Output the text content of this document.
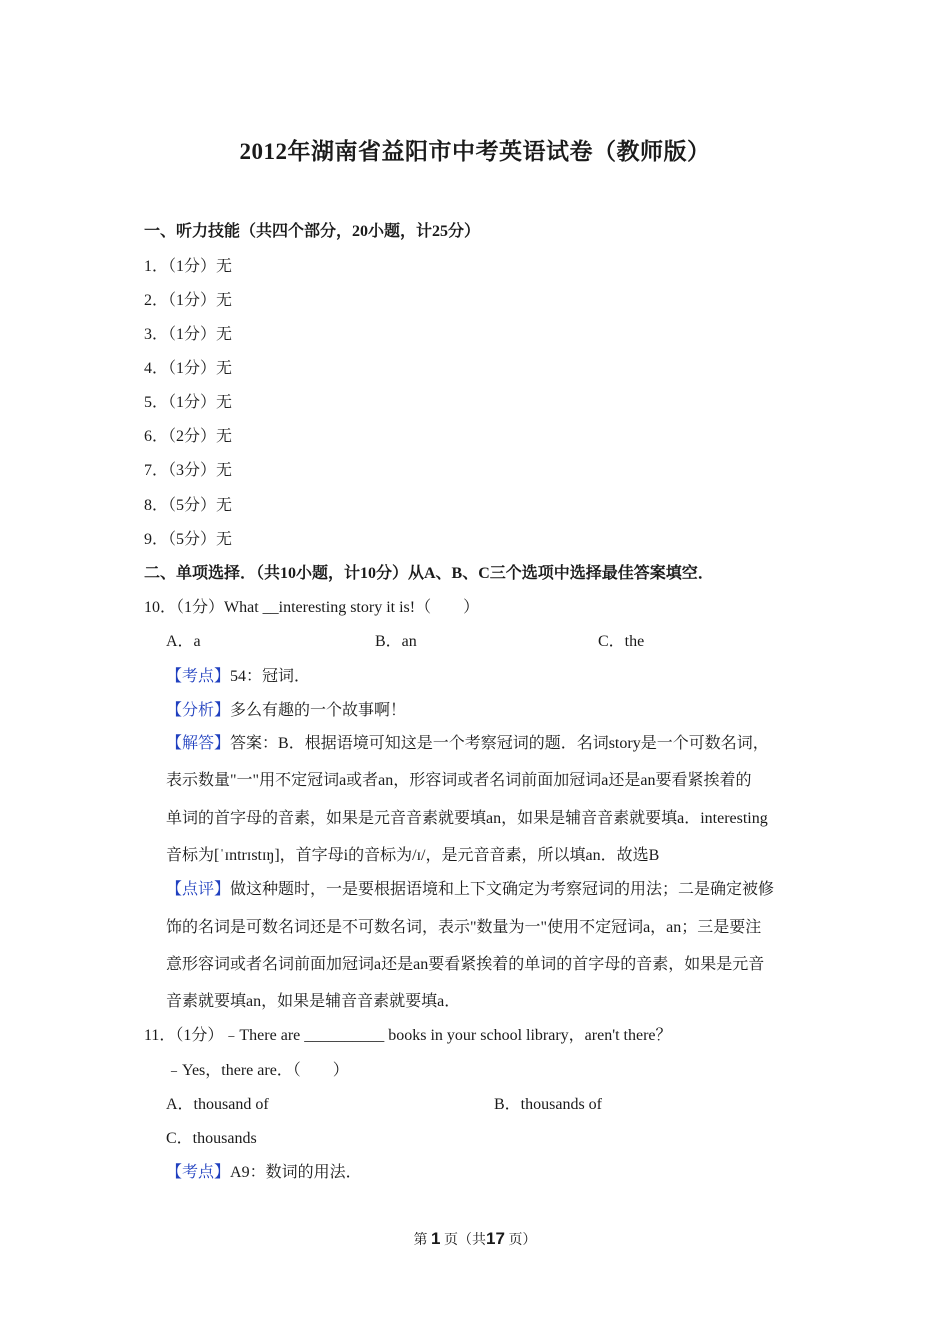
2012年湖南省益阳市中考英语试卷（教师版）
一、听力技能（共四个部分，20小题，计25分）
1．（1分）无
2．（1分）无
3．（1分）无
4．（1分）无
5．（1分）无
6．（2分）无
7．（3分）无
8．（5分）无
9．（5分）无
二、单项选择．（共10小题，计10分）从A、B、C三个选项中选择最佳答案填空．
10．（1分）What __interesting story it is!（　　）
A．a	B．an	C．the
【考点】54：冠词．
【分析】多么有趣的一个故事啊！
【解答】答案：B．根据语境可知这是一个考察冠词的题．名词story是一个可数名词，
表示数量"一"用不定冠词a或者an，形容词或者名词前面加冠词a还是an要看紧挨着的
单词的首字母的音素，如果是元音音素就要填an，如果是辅音音素就要填a．interesting
音标为[ˈɪntrɪstɪŋ]，首字母i的音标为/ɪ/，是元音音素，所以填an．故选B
【点评】做这种题时，一是要根据语境和上下文确定为考察冠词的用法；二是确定被修
饰的名词是可数名词还是不可数名词，表示"数量为一"使用不定冠词a，an；三是要注
意形容词或者名词前面加冠词a还是an要看紧挨着的单词的首字母的音素，如果是元音
音素就要填an，如果是辅音音素就要填a．
11．（1分）﹣There are __________ books in your school library，aren't there？
﹣Yes，there are．（　　）
A．thousand of	B．thousands of
C．thousands
【考点】A9：数词的用法．
第 1 页（共17 页）
